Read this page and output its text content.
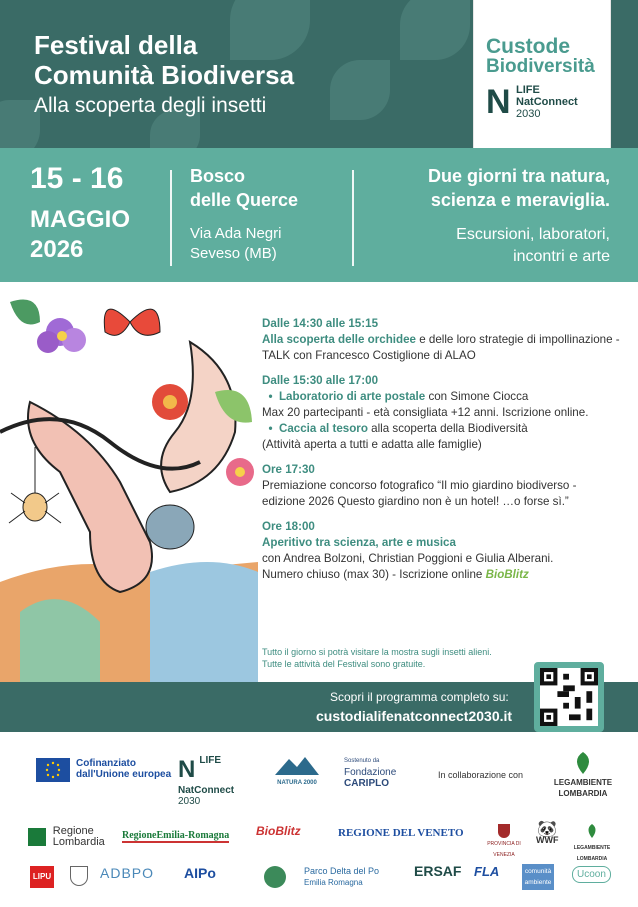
Festival della
Comunità Biodiversa
Alla scoperta degli insetti
Custode
Biodiversità
N LIFE
NatConnect
2030
15 - 16
MAGGIO
2026
Bosco
delle Querce
Via Ada Negri
Seveso (MB)
Due giorni tra natura,
scienza e meraviglia.
Escursioni, laboratori,
incontri e arte
Dalle 14:30 alle 15:15
Alla scoperta delle orchidee e delle loro strategie di impollinazione - TALK con Francesco Costiglione di ALAO
Dalle 15:30 alle 17:00
• Laboratorio di arte postale con Simone Ciocca
Max 20 partecipanti - età consigliata +12 anni. Iscrizione online.
• Caccia al tesoro alla scoperta della Biodiversità
(Attività aperta a tutti e adatta alle famiglie)
Ore 17:30
Premiazione concorso fotografico “Il mio giardino biodiverso - edizione 2026 Questo giardino non è un hotel! …o forse sì.”
Ore 18:00
Aperitivo tra scienza, arte e musica
con Andrea Bolzoni, Christian Poggioni e Giulia Alberani.
Numero chiuso (max 30) - Iscrizione online BioBlitz
Tutto il giorno si potrà visitare la mostra sugli insetti alieni.
Tutte le attività del Festival sono gratuite.
Scopri il programma completo su:
custodialifenatconnect2030.it
Cofinanziato
dall'Unione europea N LIFE
NatConnect
2030
NATURA 2000
Sostenuto da
Fondazione
CARIPLO
In collaborazione con
LEGAMBIENTE
LOMBARDIA

Regione
Lombardia
RegioneEmilia-Romagna BioBlitz	REGIONE DEL VENETO
PROVINCIA DI VENEZIA
🐼
WWF
LEGAMBIENTE LOMBARDIA
LIPU	ADBPO AIPo	Parco Delta del Po
Emilia Romagna
ERSAF FLA	comunità
ambiente
Ucoon
